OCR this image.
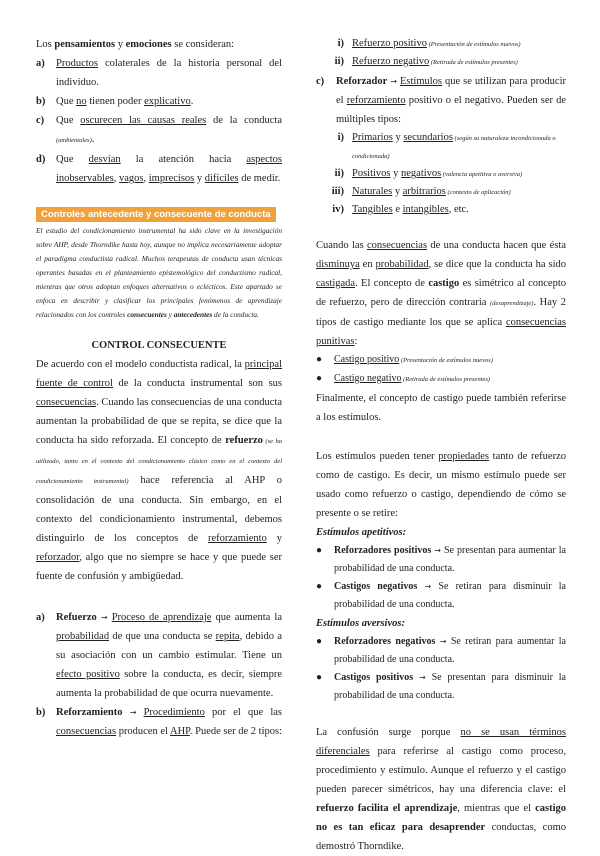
Los pensamientos y emociones se consideran:

a)	Productos colaterales de la historia personal del individuo.
b)	Que no tienen poder explicativo.
c)	Que oscurecen las causas reales de la conducta (ambientales).
d)	Que desvían la atención hacia aspectos inobservables, vagos, imprecisos y difíciles de medir.
Controles antecedente y consecuente de conducta

El estudio del condicionamiento instrumental ha sido clave en la investigación sobre AHP, desde Thorndike hasta hoy, aunque no implica necesariamente adoptar el paradigma conductista radical. Muchos terapeutas de conducta usan técnicas operantes basadas en el planteamiento epistemológico del conductismo radical, mientras que otros adoptan enfoques alternativos o eclécticos. Este apartado se enfoca en describir y clasificar los principales fenómenos de aprendizaje relacionados con los controles consecuentes y antecedentes de la conducta.

CONTROL CONSECUENTE

De acuerdo con el modelo conductista radical, la principal fuente de control de la conducta instrumental son sus consecuencias. Cuando las consecuencias de una conducta aumentan la probabilidad de que se repita, se dice que la conducta ha sido reforzada. El concepto de refuerzo (se ha utilizado, tanto en el contexto del condicionamiento clásico como en el contexto del condicionamiento instrumental) hace referencia al AHP o consolidación de una conducta. Sin embargo, en el contexto del condicionamiento instrumental, debemos distinguirlo de los conceptos de reforzamiento y reforzador, algo que no siempre se hace y que puede ser fuente de confusión y ambigüedad.

a)	Refuerzo → Proceso de aprendizaje que aumenta la probabilidad de que una conducta se repita, debido a su asociación con un cambio estimular. Tiene un efecto positivo sobre la conducta, es decir, siempre aumenta la probabilidad de que ocurra nuevamente.
b)	Reforzamiento → Procedimiento por el que las consecuencias producen el AHP. Puede ser de 2 tipos:
i) Refuerzo positivo (Presentación de estímulos nuevos)
ii) Refuerzo negativo (Retirada de estímulos presentes)
c)	Reforzador → Estímulos que se utilizan para producir el reforzamiento positivo o el negativo. Pueden ser de múltiples tipos:
i) Primarios y secundarios (según su naturaleza incondicionada o condicionada)
ii) Positivos y negativos (valencia apetitiva o aversiva)
iii) Naturales y arbitrarios (contexto de aplicación)
iv) Tangibles e intangibles, etc.

Cuando las consecuencias de una conducta hacen que ésta disminuya en probabilidad, se dice que la conducta ha sido castigada. El concepto de castigo es simétrico al concepto de refuerzo, pero de dirección contraria (desaprendizaje). Hay 2 tipos de castigo mediante los que se aplica consecuencias punitivas:

●	Castigo positivo (Presentación de estímulos nuevos)
●	Castigo negativo (Retirada de estímulos presentes)

Finalmente, el concepto de castigo puede también referirse a los estímulos.

Los estímulos pueden tener propiedades tanto de refuerzo como de castigo. Es decir, un mismo estímulo puede ser usado como refuerzo o castigo, dependiendo de cómo se presente o se retire:

Estímulos apetitivos:

●	Reforzadores positivos → Se presentan para aumentar la probabilidad de una conducta.
●	Castigos negativos → Se retiran para disminuir la probabilidad de una conducta.

Estímulos aversivos:

●	Reforzadores negativos → Se retiran para aumentar la probabilidad de una conducta.
●	Castigos positivos → Se presentan para disminuir la probabilidad de una conducta.

La confusión surge porque no se usan términos diferenciales para referirse al castigo como proceso, procedimiento y estímulo. Aunque el refuerzo y el castigo pueden parecer simétricos, hay una diferencia clave: el refuerzo facilita el aprendizaje, mientras que el castigo no es tan eficaz para desaprender conductas, como demostró Thorndike.
